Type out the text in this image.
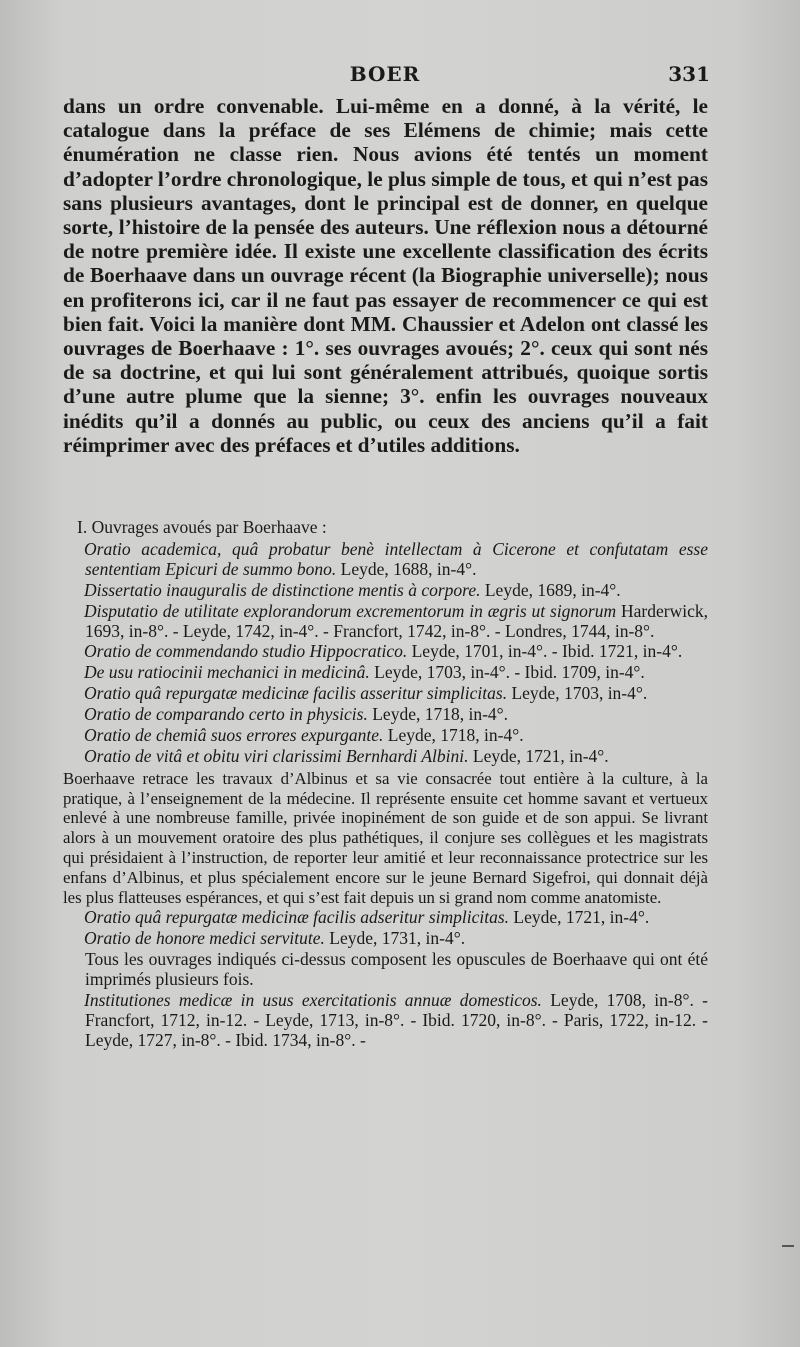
BOER	331

dans un ordre convenable. Lui-même en a donné, à la vérité, le catalogue dans la préface de ses Elémens de chimie; mais cette énumération ne classe rien. Nous avions été tentés un moment d’adopter l’ordre chronologique, le plus simple de tous, et qui n’est pas sans plusieurs avantages, dont le principal est de donner, en quelque sorte, l’histoire de la pensée des auteurs. Une réflexion nous a détourné de notre première idée. Il existe une excellente classification des écrits de Boerhaave dans un ouvrage récent (la Biographie universelle); nous en profiterons ici, car il ne faut pas essayer de recommencer ce qui est bien fait. Voici la manière dont MM. Chaussier et Adelon ont classé les ouvrages de Boerhaave : 1°. ses ouvrages avoués; 2°. ceux qui sont nés de sa doctrine, et qui lui sont généralement attribués, quoique sortis d’une autre plume que la sienne; 3°. enfin les ouvrages nouveaux inédits qu’il a donnés au public, ou ceux des anciens qu’il a fait réimprimer avec des préfaces et d’utiles additions.

I. Ouvrages avoués par Boerhaave :

Oratio academica, quâ probatur benè intellectam à Cicerone et confutatam esse sententiam Epicuri de summo bono. Leyde, 1688, in-4°.

Dissertatio inauguralis de distinctione mentis à corpore. Leyde, 1689, in-4°.

Disputatio de utilitate explorandorum excrementorum in ægris ut signorum Harderwick, 1693, in-8°. - Leyde, 1742, in-4°. - Francfort, 1742, in-8°. - Londres, 1744, in-8°.

Oratio de commendando studio Hippocratico. Leyde, 1701, in-4°. - Ibid. 1721, in-4°.

De usu ratiocinii mechanici in medicinâ. Leyde, 1703, in-4°. - Ibid. 1709, in-4°.

Oratio quâ repurgatæ medicinæ facilis asseritur simplicitas. Leyde, 1703, in-4°.

Oratio de comparando certo in physicis. Leyde, 1718, in-4°.

Oratio de chemiâ suos errores expurgante. Leyde, 1718, in-4°.

Oratio de vitâ et obitu viri clarissimi Bernhardi Albini. Leyde, 1721, in-4°.

Boerhaave retrace les travaux d’Albinus et sa vie consacrée tout entière à la culture, à la pratique, à l’enseignement de la médecine. Il représente ensuite cet homme savant et vertueux enlevé à une nombreuse famille, privée inopinément de son guide et de son appui. Se livrant alors à un mouvement oratoire des plus pathétiques, il conjure ses collègues et les magistrats qui présidaient à l’instruction, de reporter leur amitié et leur reconnaissance protectrice sur les enfans d’Albinus, et plus spécialement encore sur le jeune Bernard Sigefroi, qui donnait déjà les plus flatteuses espérances, et qui s’est fait depuis un si grand nom comme anatomiste.

Oratio quâ repurgatæ medicinæ facilis adseritur simplicitas. Leyde, 1721, in-4°.

Oratio de honore medici servitute. Leyde, 1731, in-4°.

Tous les ouvrages indiqués ci-dessus composent les opuscules de Boerhaave qui ont été imprimés plusieurs fois.

Institutiones medicæ in usus exercitationis annuæ domesticos. Leyde, 1708, in-8°. - Francfort, 1712, in-12. - Leyde, 1713, in-8°. - Ibid. 1720, in-8°. - Paris, 1722, in-12. - Leyde, 1727, in-8°. - Ibid. 1734, in-8°. -
